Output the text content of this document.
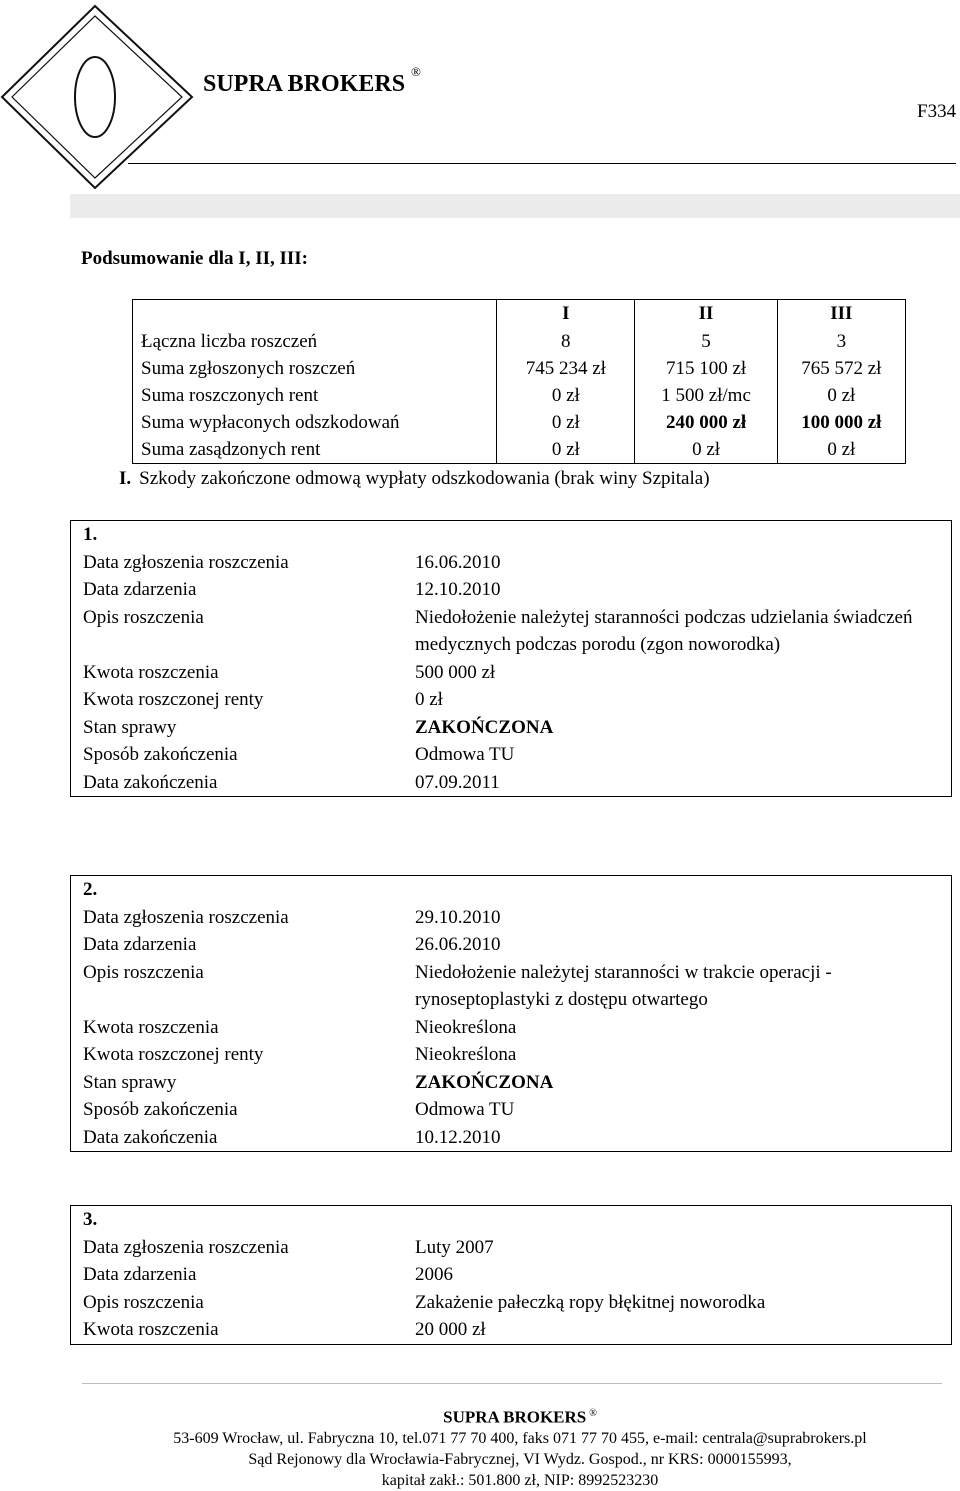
SUPRA BROKERS ®
F334
Podsumowanie dla I, II, III:
	I	II	III
Łączna liczba roszczeń	8	5	3
Suma zgłoszonych roszczeń	745 234 zł	715 100 zł	765 572 zł
Suma roszczonych rent	0 zł	1 500 zł/mc	0 zł
Suma wypłaconych odszkodowań	0 zł	240 000 zł	100 000 zł
Suma zasądzonych rent	0 zł	0 zł	0 zł
I. Szkody zakończone odmową wypłaty odszkodowania (brak winy Szpitala)
1.	
Data zgłoszenia roszczenia	16.06.2010
Data zdarzenia	12.10.2010
Opis roszczenia	Niedołożenie należytej staranności podczas udzielania świadczeń medycznych podczas porodu (zgon noworodka)

Kwota roszczenia	500 000 zł
Kwota roszczonej renty	0 zł
Stan sprawy	ZAKOŃCZONA
Sposób zakończenia	Odmowa TU
Data zakończenia	07.09.2011
2.	
Data zgłoszenia roszczenia	29.10.2010
Data zdarzenia	26.06.2010
Opis roszczenia	Niedołożenie należytej staranności w trakcie operacji - rynoseptoplastyki z dostępu otwartego

Kwota roszczenia	Nieokreślona
Kwota roszczonej renty	Nieokreślona
Stan sprawy	ZAKOŃCZONA
Sposób zakończenia	Odmowa TU
Data zakończenia	10.12.2010
3.	
Data zgłoszenia roszczenia	Luty 2007
Data zdarzenia	2006
Opis roszczenia	Zakażenie pałeczką ropy błękitnej noworodka
Kwota roszczenia	20 000 zł
SUPRA BROKERS ®
53-609 Wrocław, ul. Fabryczna 10, tel.071 77 70 400, faks 071 77 70 455, e-mail: centrala@suprabrokers.pl
Sąd Rejonowy dla Wrocławia-Fabrycznej, VI Wydz. Gospod., nr KRS: 0000155993,
kapitał zakł.: 501.800 zł, NIP: 8992523230
